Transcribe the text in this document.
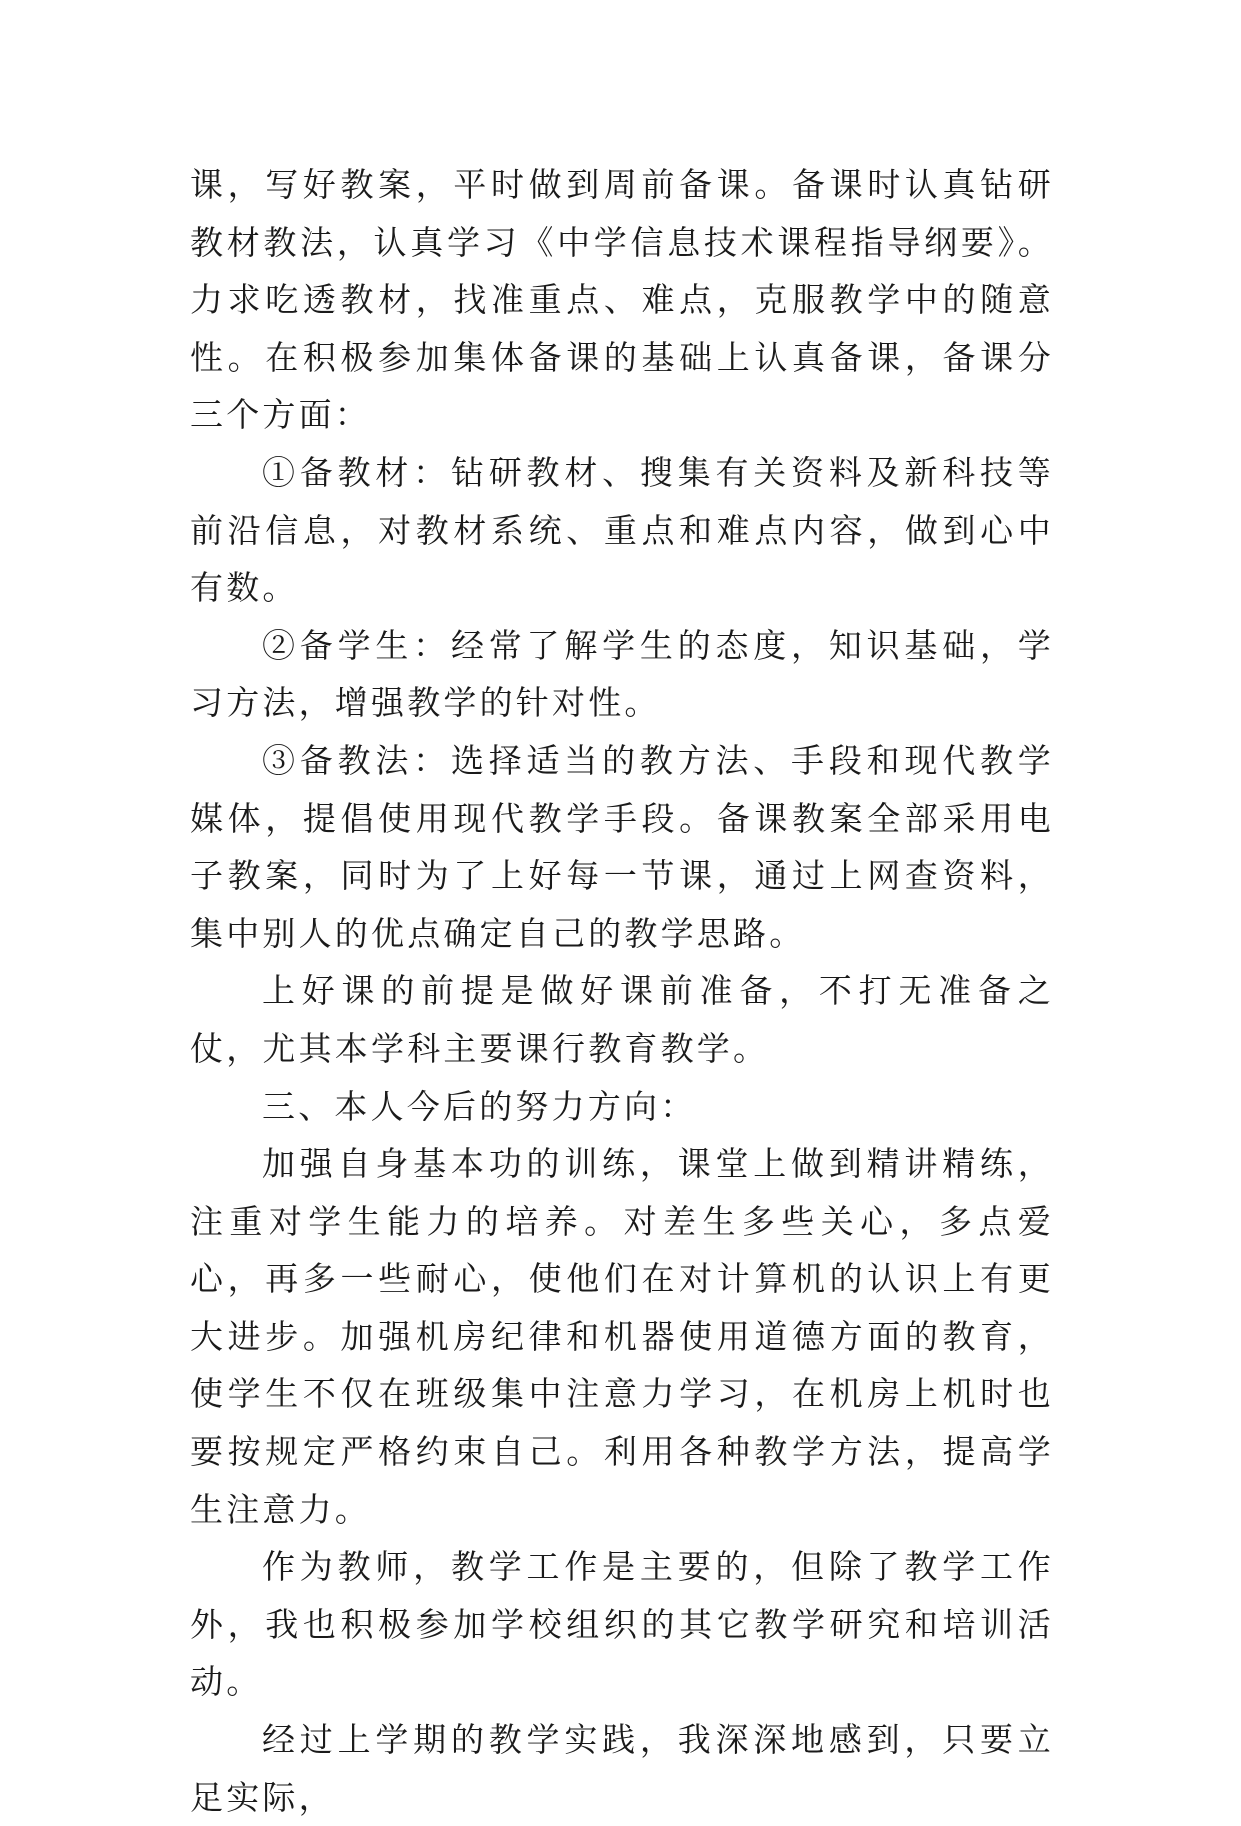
课，写好教案，平时做到周前备课。备课时认真钻研教材教法，认真学习《中学信息技术课程指导纲要》。力求吃透教材，找准重点、难点，克服教学中的随意性。在积极参加集体备课的基础上认真备课，备课分三个方面：

①备教材：钻研教材、搜集有关资料及新科技等前沿信息，对教材系统、重点和难点内容，做到心中有数。

②备学生：经常了解学生的态度，知识基础，学习方法，增强教学的针对性。

③备教法：选择适当的教方法、手段和现代教学媒体，提倡使用现代教学手段。备课教案全部采用电子教案，同时为了上好每一节课，通过上网查资料，集中别人的优点确定自己的教学思路。

上好课的前提是做好课前准备，不打无准备之仗，尤其本学科主要课行教育教学。

三、本人今后的努力方向：

加强自身基本功的训练，课堂上做到精讲精练，注重对学生能力的培养。对差生多些关心，多点爱心，再多一些耐心，使他们在对计算机的认识上有更大进步。加强机房纪律和机器使用道德方面的教育，使学生不仅在班级集中注意力学习，在机房上机时也要按规定严格约束自己。利用各种教学方法，提高学生注意力。

作为教师，教学工作是主要的，但除了教学工作外，我也积极参加学校组织的其它教学研究和培训活动。

经过上学期的教学实践，我深深地感到，只要立足实际，
